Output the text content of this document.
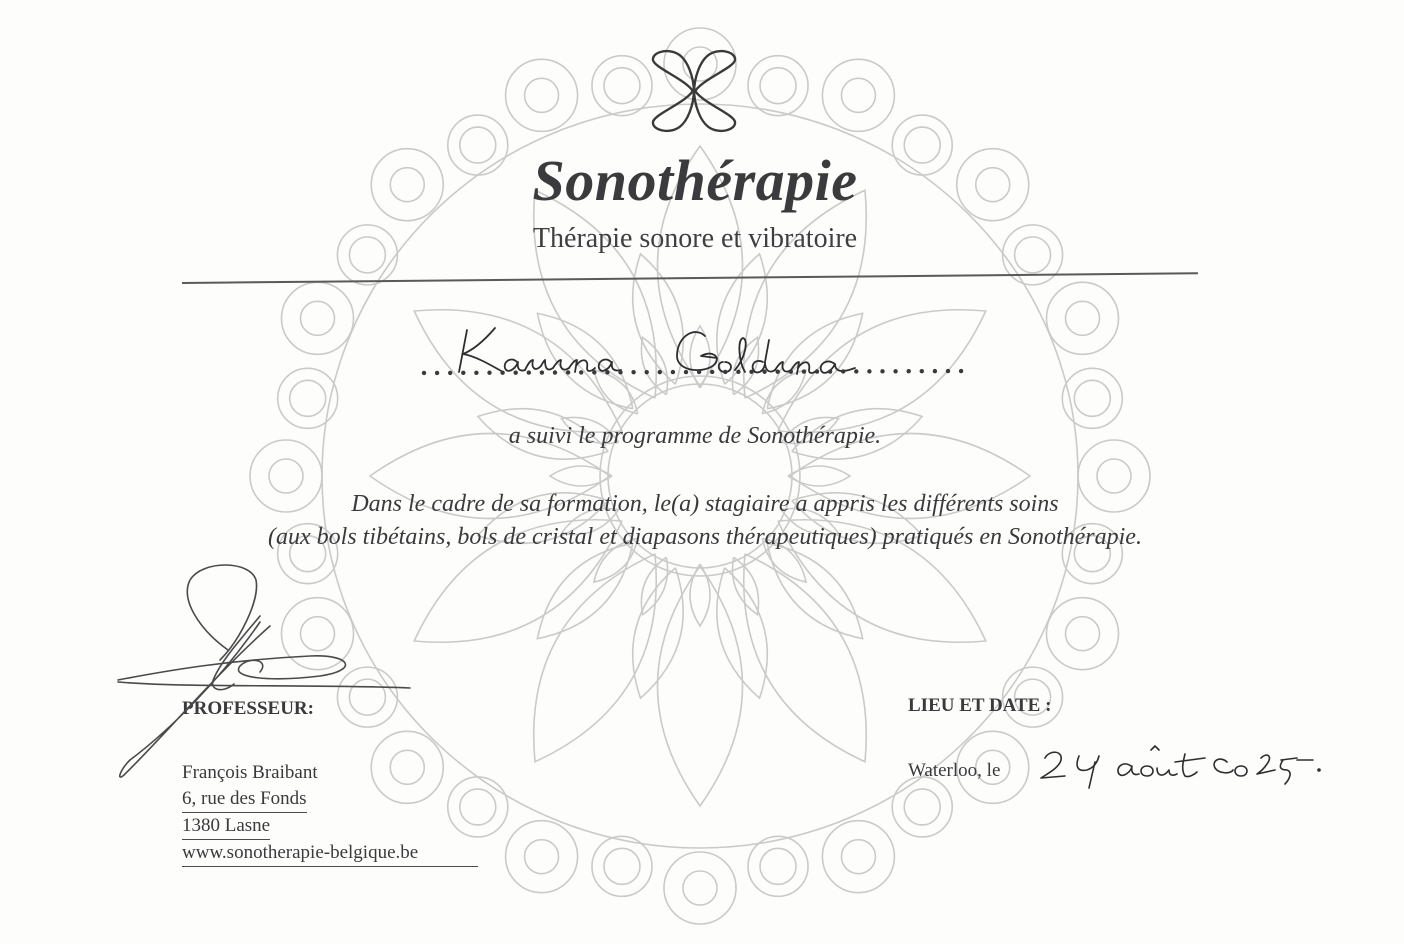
Sonothérapie
Thérapie sonore et vibratoire
a suivi le programme de Sonothérapie.
Dans le cadre de sa formation, le(a) stagiaire a appris les différents soins
(aux bols tibétains, bols de cristal et diapasons thérapeutiques) pratiqués en Sonothérapie.
PROFESSEUR:
François Braibant
6, rue des Fonds
1380 Lasne
www.sonotherapie-belgique.be
LIEU ET DATE :
Waterloo, le
